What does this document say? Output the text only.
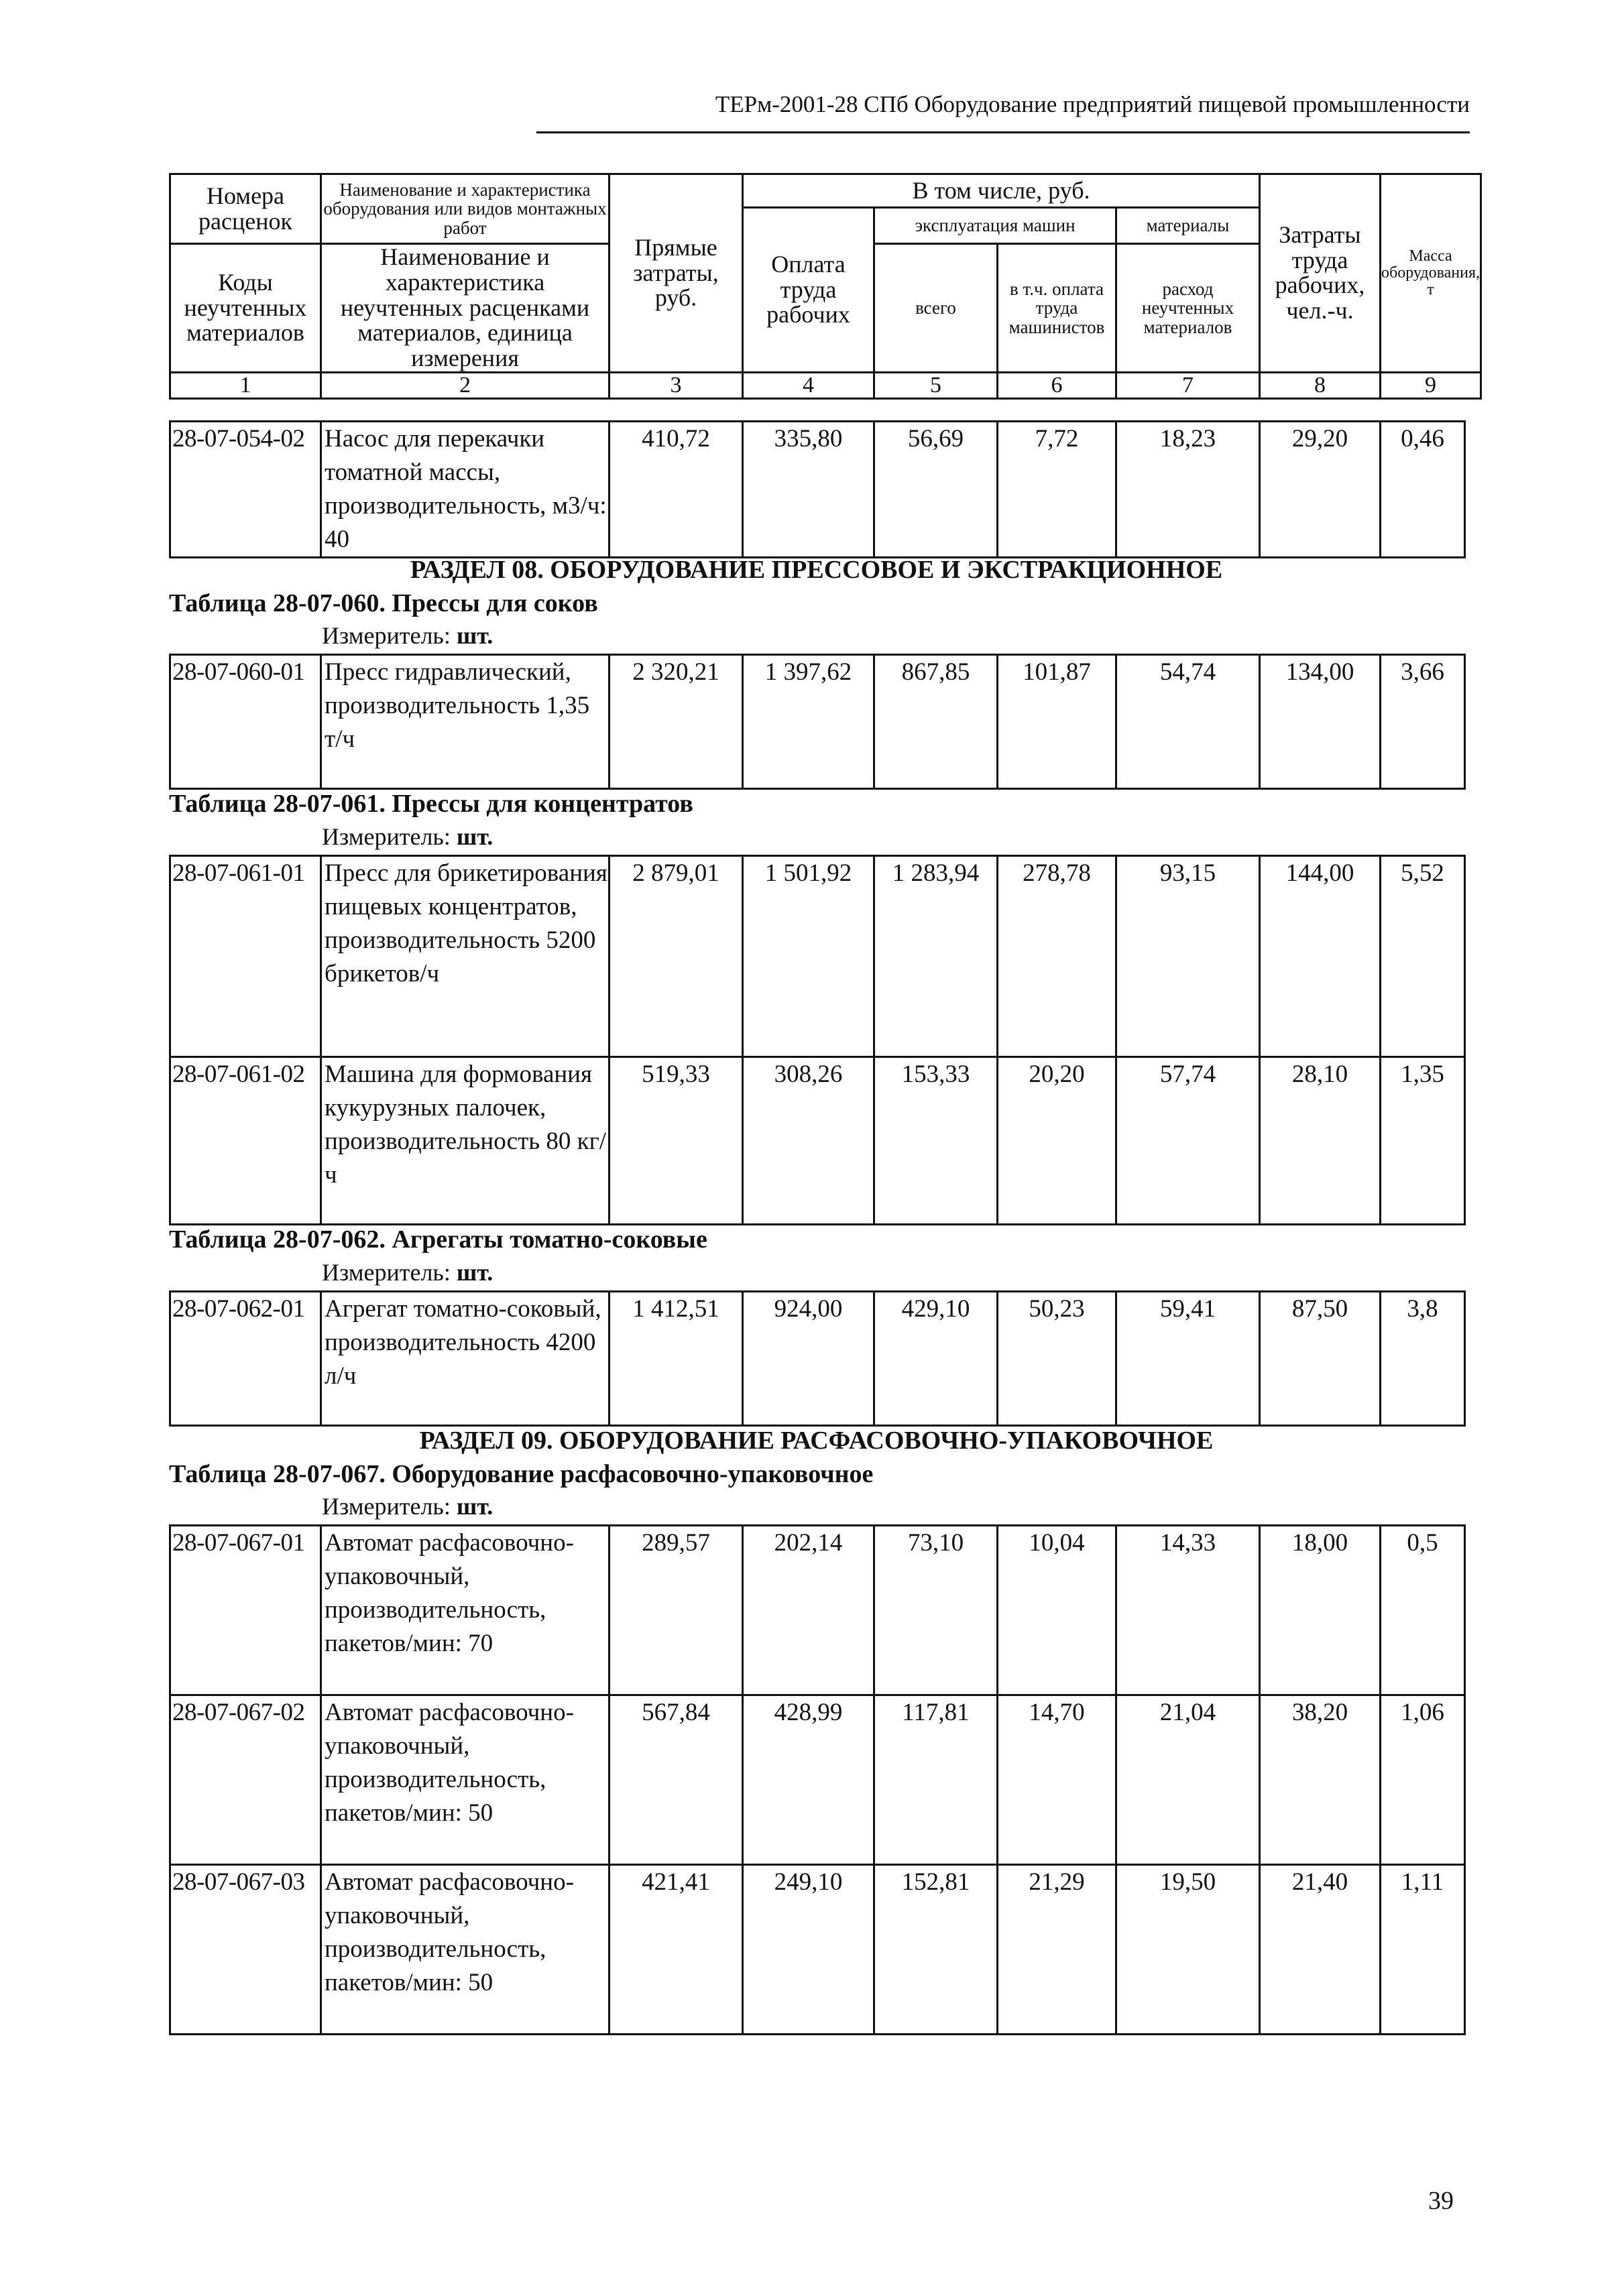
ТЕРм-2001-28 СПб Оборудование предприятий пищевой промышленности
Номера расценок	Наименование и характеристика оборудования или видов монтажных работ	Прямые затраты, руб.	В том числе, руб.				Затраты труда рабочих, чел.-ч.	Масса оборудования, т
			Оплата труда рабочих	эксплуатация машин		материалы		
Коды неучтенных материалов	Наименование и характеристика неучтенных расценками материалов, единица измерения			всего	в т.ч. оплата труда машинистов	расход неучтенных материалов		

1	2	3	4	5	6	7	8	9
28-07-054-02	Насос для перекачки томатной массы, производительность, м3/ч: 40	410,72	335,80	56,69	7,72	18,23	29,20	0,46
РАЗДЕЛ 08. ОБОРУДОВАНИЕ ПРЕССОВОЕ И ЭКСТРАКЦИОННОЕ
Таблица 28-07-060. Прессы для соков
Измеритель: шт.
28-07-060-01	Пресс гидравлический, производительность 1,35 т/ч	2 320,21	1 397,62	867,85	101,87	54,74	134,00	3,66
Таблица 28-07-061. Прессы для концентратов
Измеритель: шт.
28-07-061-01	Пресс для брикетирования пищевых концентратов, производительность 5200 брикетов/ч	2 879,01	1 501,92	1 283,94	278,78	93,15	144,00	5,52
28-07-061-02	Машина для формования кукурузных палочек, производительность 80 кг/ч	519,33	308,26	153,33	20,20	57,74	28,10	1,35
Таблица 28-07-062. Агрегаты томатно-соковые
Измеритель: шт.
28-07-062-01	Агрегат томатно-соковый, производительность 4200 л/ч	1 412,51	924,00	429,10	50,23	59,41	87,50	3,8
РАЗДЕЛ 09. ОБОРУДОВАНИЕ РАСФАСОВОЧНО-УПАКОВОЧНОЕ
Таблица 28-07-067. Оборудование расфасовочно-упаковочное
Измеритель: шт.
28-07-067-01	Автомат расфасовочно-упаковочный, производительность, пакетов/мин: 70	289,57	202,14	73,10	10,04	14,33	18,00	0,5
28-07-067-02	Автомат расфасовочно-упаковочный, производительность, пакетов/мин: 50	567,84	428,99	117,81	14,70	21,04	38,20	1,06
28-07-067-03	Автомат расфасовочно-упаковочный, производительность, пакетов/мин: 50	421,41	249,10	152,81	21,29	19,50	21,40	1,11
39
